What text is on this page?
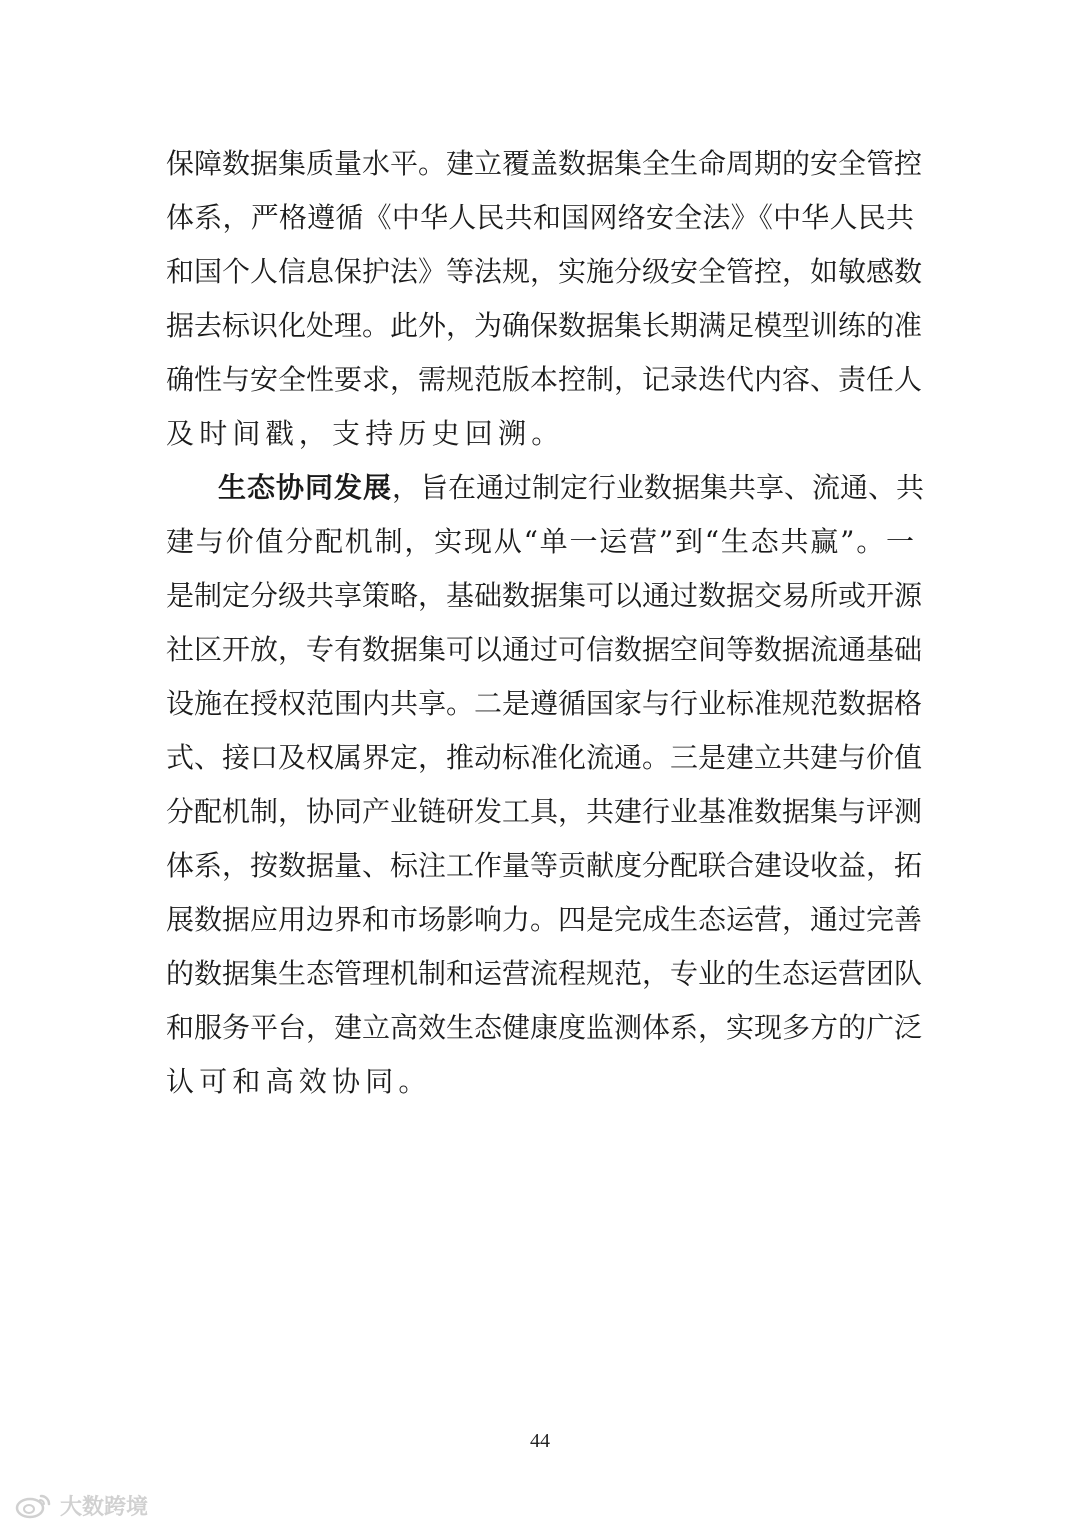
保障数据集质量水平。建立覆盖数据集全生命周期的安全管控
体系，严格遵循《中华人民共和国网络安全法》《中华人民共
和国个人信息保护法》等法规，实施分级安全管控，如敏感数
据去标识化处理。此外，为确保数据集长期满足模型训练的准
确性与安全性要求，需规范版本控制，记录迭代内容、责任人
及时间戳，支持历史回溯。
生态协同发展，旨在通过制定行业数据集共享、流通、共
建与价值分配机制，实现从“单一运营”到“生态共赢”。一
是制定分级共享策略，基础数据集可以通过数据交易所或开源
社区开放，专有数据集可以通过可信数据空间等数据流通基础
设施在授权范围内共享。二是遵循国家与行业标准规范数据格
式、接口及权属界定，推动标准化流通。三是建立共建与价值
分配机制，协同产业链研发工具，共建行业基准数据集与评测
体系，按数据量、标注工作量等贡献度分配联合建设收益，拓
展数据应用边界和市场影响力。四是完成生态运营，通过完善
的数据集生态管理机制和运营流程规范，专业的生态运营团队
和服务平台，建立高效生态健康度监测体系，实现多方的广泛
认可和高效协同。
44
大数跨境
